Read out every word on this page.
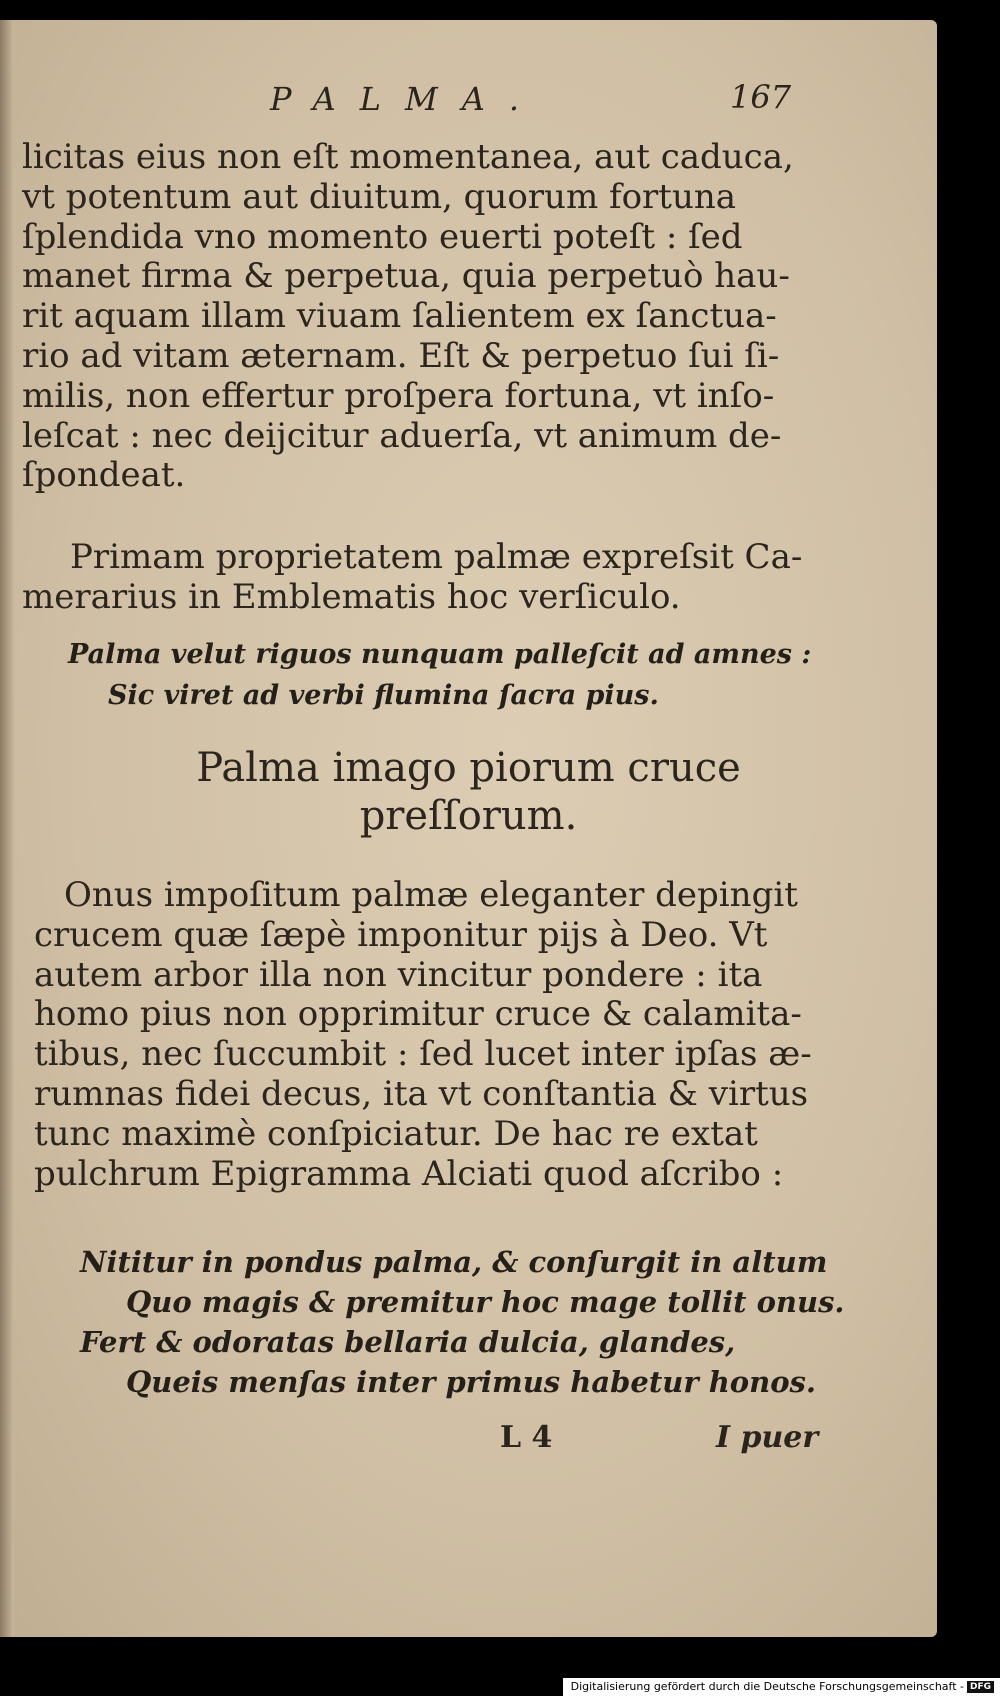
PALMA.	167
licitas eius non eſt momentanea, aut caduca,
vt potentum aut diuitum, quorum fortuna
ſplendida vno momento euerti poteſt : ſed
manet firma & perpetua, quia perpetuò hau-
rit aquam illam viuam ſalientem ex ſanctua-
rio ad vitam æternam. Eſt & perpetuo ſui ſi-
milis, non effertur proſpera fortuna, vt inſo-
leſcat : nec deijcitur aduerſa, vt animum de-
ſpondeat.
Primam proprietatem palmæ expreſsit Ca-
merarius in Emblematis hoc verſiculo.
Palma velut riguos nunquam palleſcit ad amnes :
Sic viret ad verbi flumina ſacra pius.
Palma imago piorum cruce
preſſorum.
Onus impoſitum palmæ eleganter depingit
crucem quæ ſæpè imponitur pijs à Deo. Vt
autem arbor illa non vincitur pondere : ita
homo pius non opprimitur cruce & calamita-
tibus, nec ſuccumbit : ſed lucet inter ipſas æ-
rumnas fidei decus, ita vt conſtantia & virtus
tunc maximè conſpiciatur. De hac re extat
pulchrum Epigramma Alciati quod aſcribo :
Nititur in pondus palma, & conſurgit in altum
Quo magis & premitur hoc mage tollit onus.
Fert & odoratas bellaria dulcia, glandes,
Queis menſas inter primus habetur honos.
L 4	I puer
Digitalisierung gefördert durch die Deutsche Forschungsgemeinschaft - DFG
